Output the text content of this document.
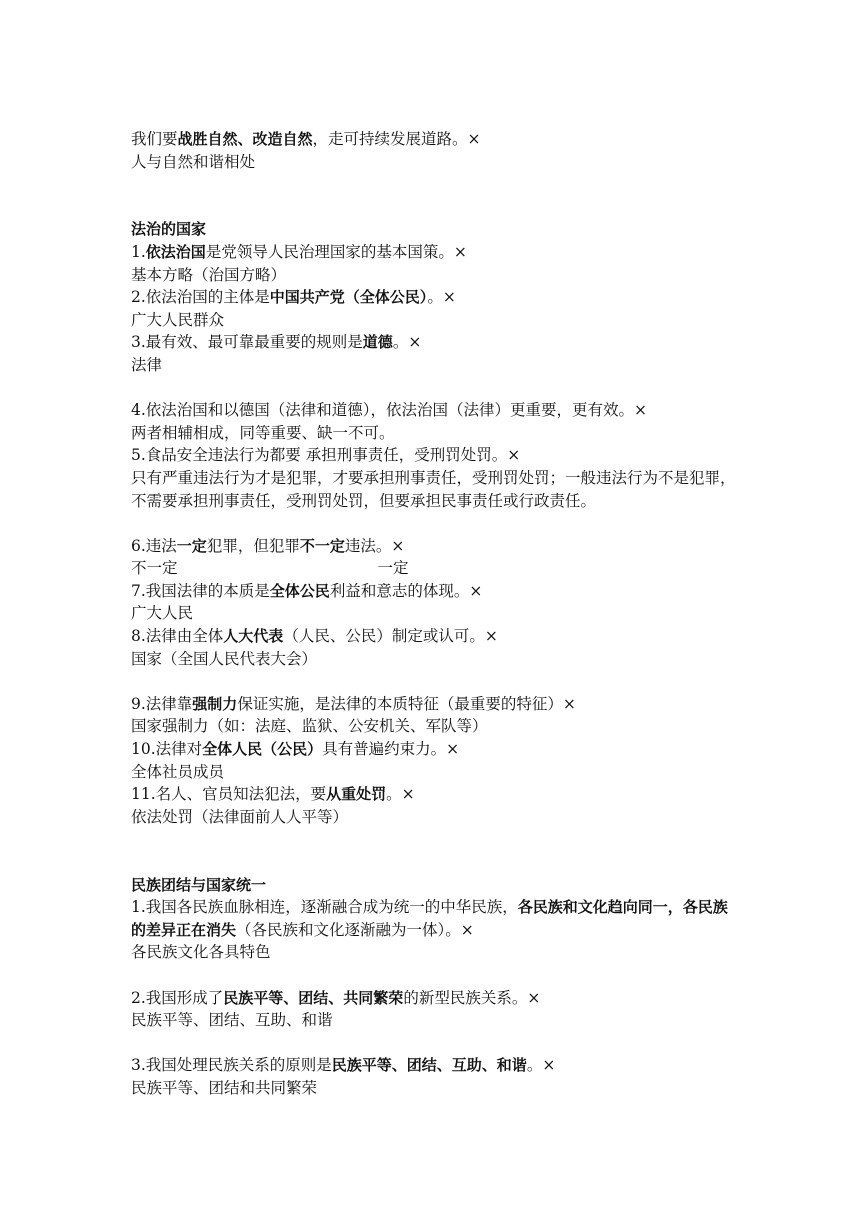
我们要战胜自然、改造自然，走可持续发展道路。×
人与自然和谐相处
法治的国家
1.依法治国是党领导人民治理国家的基本国策。×
基本方略（治国方略）
2.依法治国的主体是中国共产党（全体公民）。×
广大人民群众
3.最有效、最可靠最重要的规则是道德。×
法律
4.依法治国和以德国（法律和道德），依法治国（法律）更重要，更有效。×
两者相辅相成，同等重要、缺一不可。
5.食品安全违法行为都要 承担刑事责任，受刑罚处罚。×
只有严重违法行为才是犯罪，才要承担刑事责任，受刑罚处罚；一般违法行为不是犯罪，不需要承担刑事责任，受刑罚处罚，但要承担民事责任或行政责任。
6.违法一定犯罪，但犯罪不一定违法。×
不一定	一定
7.我国法律的本质是全体公民利益和意志的体现。×
广大人民
8.法律由全体人大代表（人民、公民）制定或认可。×
国家（全国人民代表大会）
9.法律靠强制力保证实施，是法律的本质特征（最重要的特征）×
国家强制力（如：法庭、监狱、公安机关、军队等）
10.法律对全体人民（公民）具有普遍约束力。×
全体社员成员
11.名人、官员知法犯法，要从重处罚。×
依法处罚（法律面前人人平等）
民族团结与国家统一
1.我国各民族血脉相连，逐渐融合成为统一的中华民族，各民族和文化趋向同一，各民族的差异正在消失（各民族和文化逐渐融为一体）。×
各民族文化各具特色
2.我国形成了民族平等、团结、共同繁荣的新型民族关系。×
民族平等、团结、互助、和谐
3.我国处理民族关系的原则是民族平等、团结、互助、和谐。×
民族平等、团结和共同繁荣
